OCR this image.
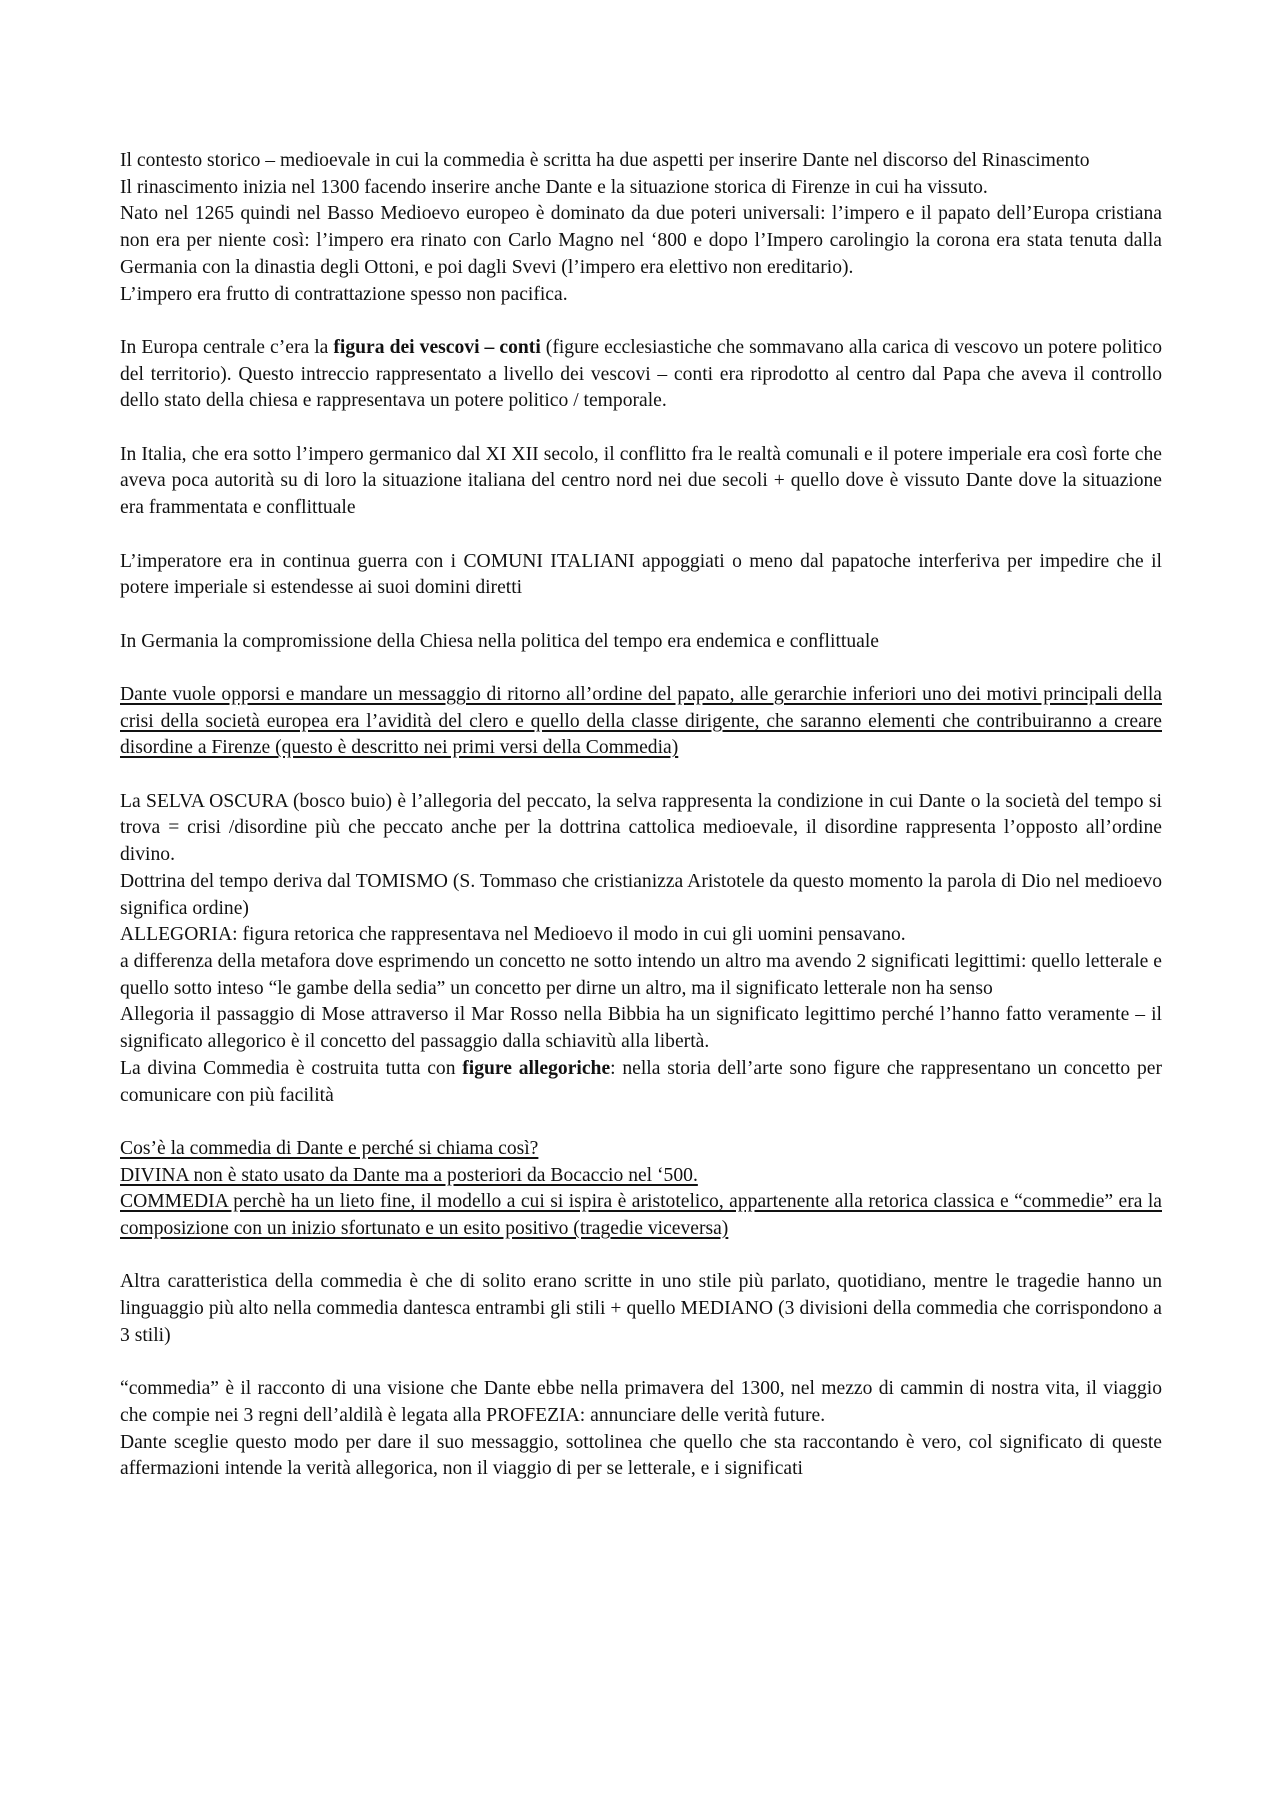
Il contesto storico – medioevale in cui la commedia è scritta ha due aspetti per inserire Dante nel discorso del Rinascimento

Il rinascimento inizia nel 1300 facendo inserire anche Dante e la situazione storica di Firenze in cui ha vissuto.

Nato nel 1265 quindi nel Basso Medioevo europeo è dominato da due poteri universali: l’impero e il papato dell’Europa cristiana non era per niente così: l’impero era rinato con Carlo Magno nel ‘800 e dopo l’Impero carolingio la corona era stata tenuta dalla Germania con la dinastia degli Ottoni, e poi dagli Svevi (l’impero era elettivo non ereditario).

L’impero era frutto di contrattazione spesso non pacifica.

In Europa centrale c’era la figura dei vescovi – conti (figure ecclesiastiche che sommavano alla carica di vescovo un potere politico del territorio). Questo intreccio rappresentato a livello dei vescovi – conti era riprodotto al centro dal Papa che aveva il controllo dello stato della chiesa e rappresentava un potere politico / temporale.

In Italia, che era sotto l’impero germanico dal XI XII secolo, il conflitto fra le realtà comunali e il potere imperiale era così forte che aveva poca autorità su di loro la situazione italiana del centro nord nei due secoli + quello dove è vissuto Dante dove la situazione era frammentata e conflittuale

L’imperatore era in continua guerra con i COMUNI ITALIANI appoggiati o meno dal papatoche interferiva per impedire che il potere imperiale si estendesse ai suoi domini diretti

In Germania la compromissione della Chiesa nella politica del tempo era endemica e conflittuale

Dante vuole opporsi e mandare un messaggio di ritorno all’ordine del papato, alle gerarchie inferiori uno dei motivi principali della crisi della società europea era l’avidità del clero e quello della classe dirigente, che saranno elementi che contribuiranno a creare disordine a Firenze (questo è descritto nei primi versi della Commedia)

La SELVA OSCURA (bosco buio) è l’allegoria del peccato, la selva rappresenta la condizione in cui Dante o la società del tempo si trova = crisi /disordine più che peccato anche per la dottrina cattolica medioevale, il disordine rappresenta l’opposto all’ordine divino.

Dottrina del tempo deriva dal TOMISMO (S. Tommaso che cristianizza Aristotele da questo momento la parola di Dio nel medioevo significa ordine)

ALLEGORIA: figura retorica che rappresentava nel Medioevo il modo in cui gli uomini pensavano.

a differenza della metafora dove esprimendo un concetto ne sotto intendo un altro ma avendo 2 significati legittimi: quello letterale e quello sotto inteso “le gambe della sedia” un concetto per dirne un altro, ma il significato letterale non ha senso

Allegoria il passaggio di Mose attraverso il Mar Rosso nella Bibbia ha un significato legittimo perché l’hanno fatto veramente – il significato allegorico è il concetto del passaggio dalla schiavitù alla libertà.

La divina Commedia è costruita tutta con figure allegoriche: nella storia dell’arte sono figure che rappresentano un concetto per comunicare con più facilità

Cos’è la commedia di Dante e perché si chiama così?

DIVINA non è stato usato da Dante ma a posteriori da Bocaccio nel ‘500.

COMMEDIA perchè ha un lieto fine, il modello a cui si ispira è aristotelico, appartenente alla retorica classica e “commedie” era la composizione con un inizio sfortunato e un esito positivo (tragedie viceversa)

Altra caratteristica della commedia è che di solito erano scritte in uno stile più parlato, quotidiano, mentre le tragedie hanno un linguaggio più alto nella commedia dantesca entrambi gli stili + quello MEDIANO (3 divisioni della commedia che corrispondono a 3 stili)

“commedia” è il racconto di una visione che Dante ebbe nella primavera del 1300, nel mezzo di cammin di nostra vita, il viaggio che compie nei 3 regni dell’aldilà è legata alla PROFEZIA: annunciare delle verità future.

Dante sceglie questo modo per dare il suo messaggio, sottolinea che quello che sta raccontando è vero, col significato di queste affermazioni intende la verità allegorica, non il viaggio di per se letterale, e i significati
